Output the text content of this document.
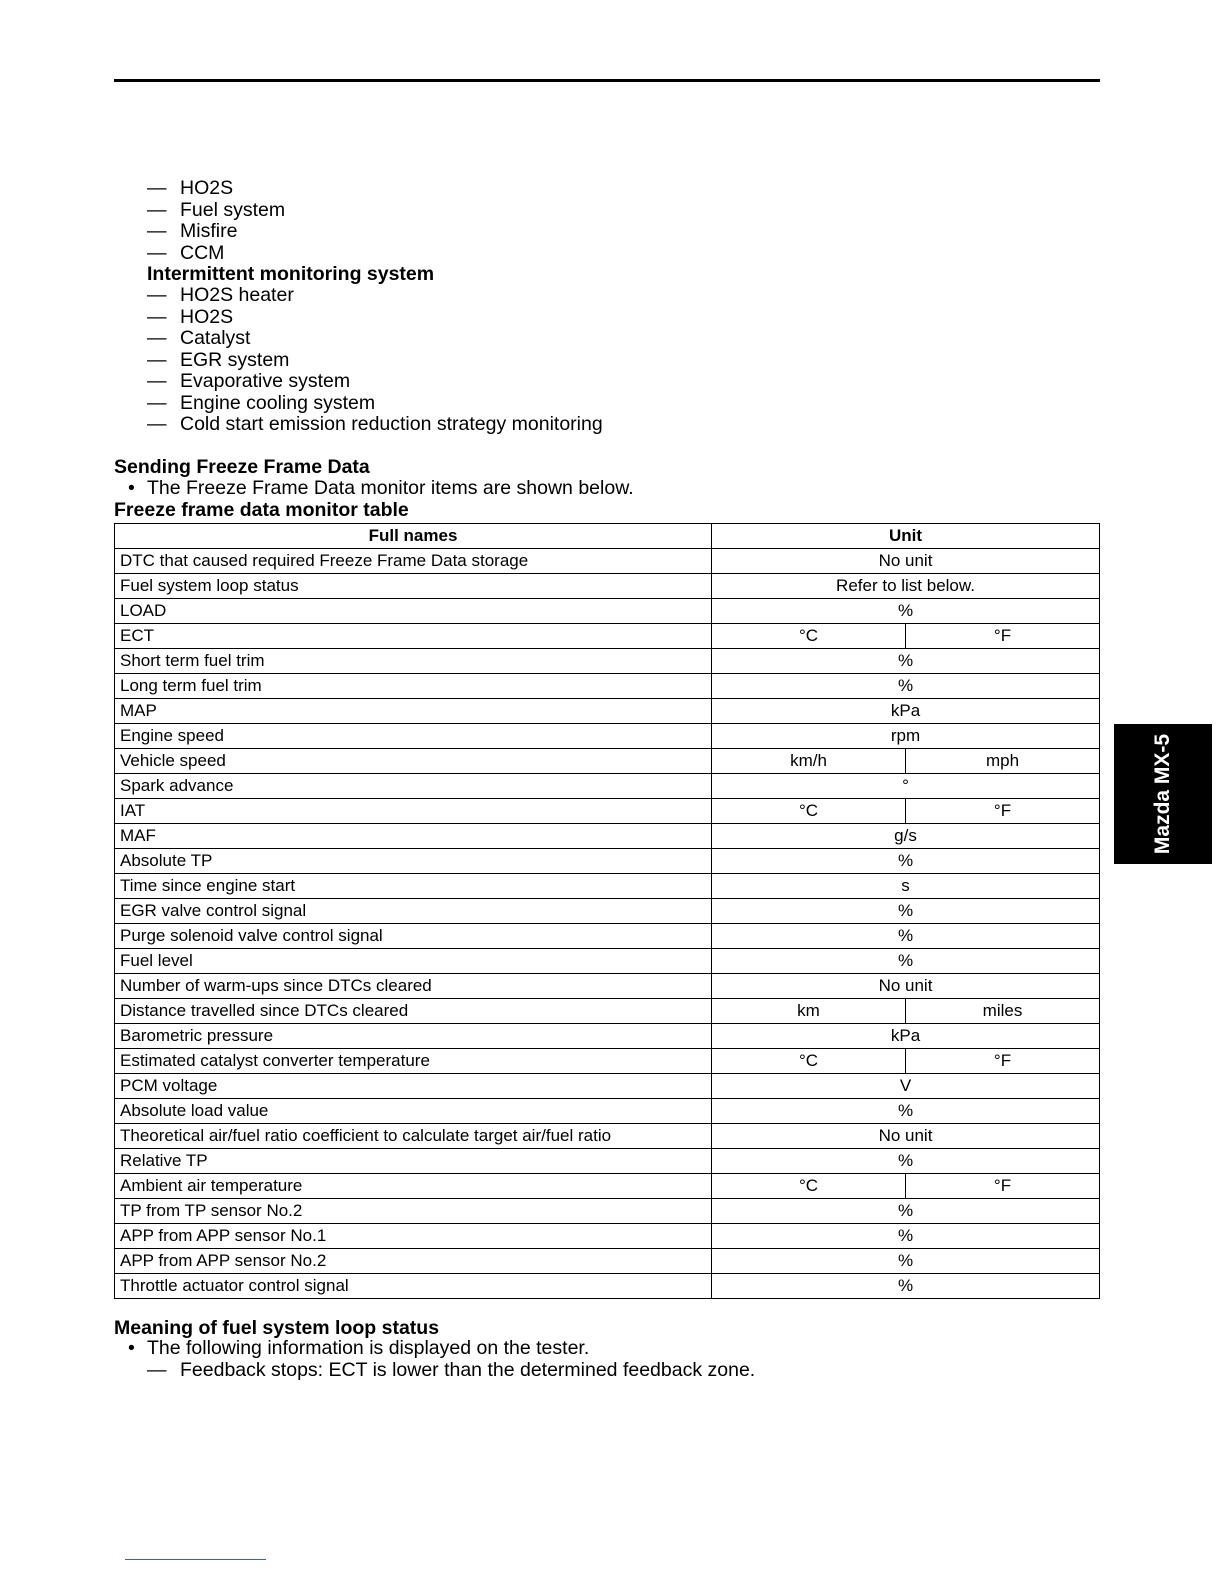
Mazda MX-5
— HO2S
— Fuel system
— Misfire
— CCM
Intermittent monitoring system
— HO2S heater
— HO2S
— Catalyst
— EGR system
— Evaporative system
— Engine cooling system
— Cold start emission reduction strategy monitoring
Sending Freeze Frame Data
• The Freeze Frame Data monitor items are shown below.
Freeze frame data monitor table
Full names	Unit	
DTC that caused required Freeze Frame Data storage	No unit	
Fuel system loop status	Refer to list below.	
LOAD	%	
ECT	°C	°F
Short term fuel trim	%	
Long term fuel trim	%	
MAP	kPa	
Engine speed	rpm	
Vehicle speed	km/h	mph
Spark advance	°	
IAT	°C	°F
MAF	g/s	
Absolute TP	%	
Time since engine start	s	
EGR valve control signal	%	
Purge solenoid valve control signal	%	
Fuel level	%	
Number of warm-ups since DTCs cleared	No unit	
Distance travelled since DTCs cleared	km	miles
Barometric pressure	kPa	
Estimated catalyst converter temperature	°C	°F
PCM voltage	V	
Absolute load value	%	
Theoretical air/fuel ratio coefficient to calculate target air/fuel ratio	No unit	
Relative TP	%	
Ambient air temperature	°C	°F
TP from TP sensor No.2	%	
APP from APP sensor No.1	%	
APP from APP sensor No.2	%	
Throttle actuator control signal	%	
Meaning of fuel system loop status
• The following information is displayed on the tester.
— Feedback stops: ECT is lower than the determined feedback zone.
